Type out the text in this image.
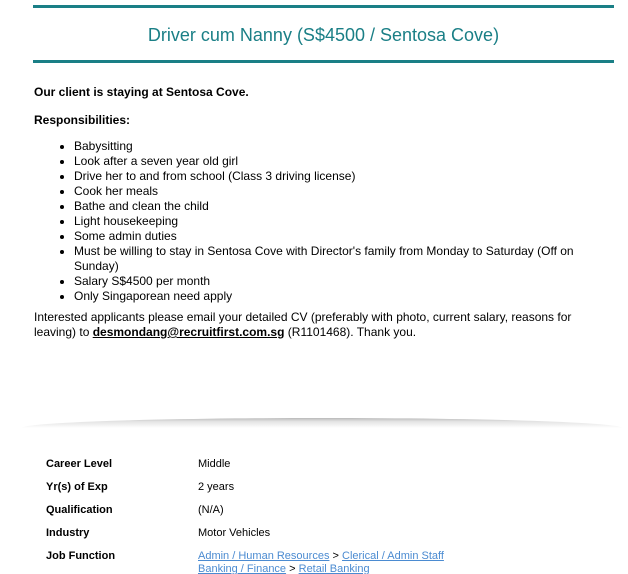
Driver cum Nanny (S$4500 / Sentosa Cove)

Our client is staying at Sentosa Cove.

Responsibilities:

• Babysitting
• Look after a seven year old girl
• Drive her to and from school (Class 3 driving license)
• Cook her meals
• Bathe and clean the child
• Light housekeeping
• Some admin duties
• Must be willing to stay in Sentosa Cove with Director's family from Monday to Saturday (Off on Sunday)
• Salary S$4500 per month
• Only Singaporean need apply

Interested applicants please email your detailed CV (preferably with photo, current salary, reasons for leaving) to desmondang@recruitfirst.com.sg (R1101468). Thank you.

Career Level	Middle
Yr(s) of Exp	2 years
Qualification	(N/A)
Industry	Motor Vehicles
Job Function	Admin / Human Resources > Clerical / Admin Staff
Banking / Finance > Retail Banking
